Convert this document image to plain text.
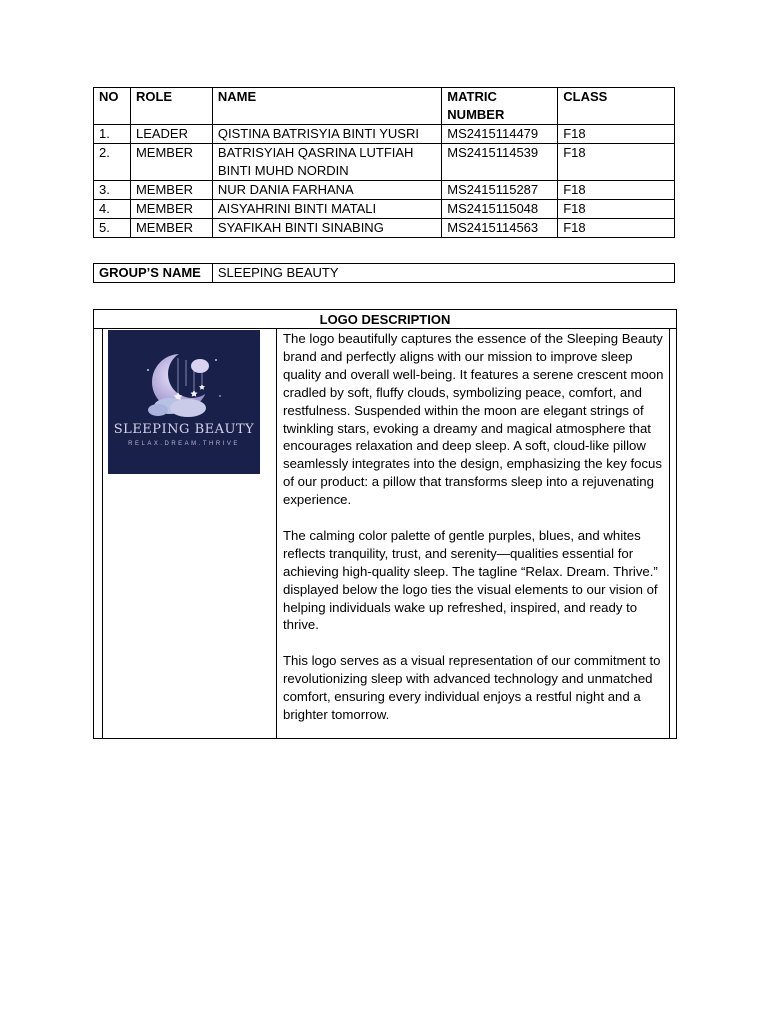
NO	ROLE	NAME	MATRIC NUMBER	CLASS
1.	LEADER	QISTINA BATRISYIA BINTI YUSRI	MS2415114479	F18
2.	MEMBER	BATRISYIAH QASRINA LUTFIAH BINTI MUHD NORDIN	MS2415114539	F18
3.	MEMBER	NUR DANIA FARHANA	MS2415115287	F18
4.	MEMBER	AISYAHRINI BINTI MATALI	MS2415115048	F18
5.	MEMBER	SYAFIKAH BINTI SINABING	MS2415114563	F18
GROUP’S NAME	SLEEPING BEAUTY
LOGO DESCRIPTION
SLEEPING BEAUTY
RELAX.DREAM.THRIVE

The logo beautifully captures the essence of the Sleeping Beauty brand and perfectly aligns with our mission to improve sleep quality and overall well-being. It features a serene crescent moon cradled by soft, fluffy clouds, symbolizing peace, comfort, and restfulness. Suspended within the moon are elegant strings of twinkling stars, evoking a dreamy and magical atmosphere that encourages relaxation and deep sleep. A soft, cloud-like pillow seamlessly integrates into the design, emphasizing the key focus of our product: a pillow that transforms sleep into a rejuvenating experience.

The calming color palette of gentle purples, blues, and whites reflects tranquility, trust, and serenity—qualities essential for achieving high-quality sleep. The tagline “Relax. Dream. Thrive.” displayed below the logo ties the visual elements to our vision of helping individuals wake up refreshed, inspired, and ready to thrive.

This logo serves as a visual representation of our commitment to revolutionizing sleep with advanced technology and unmatched comfort, ensuring every individual enjoys a restful night and a brighter tomorrow.
